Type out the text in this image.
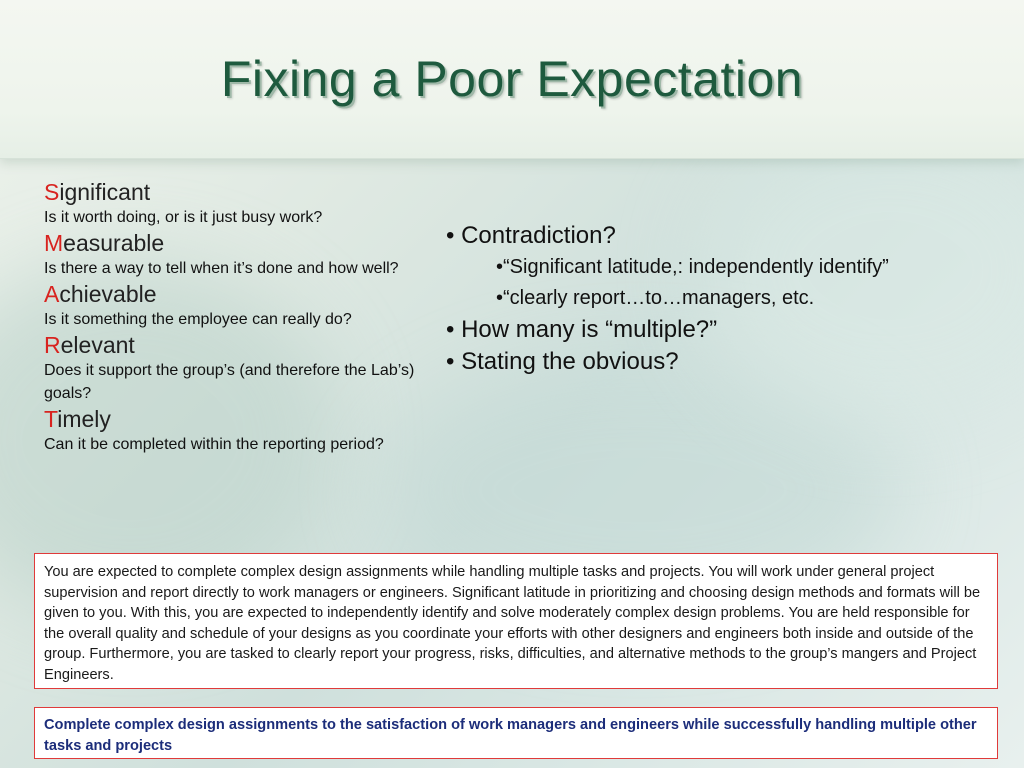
Fixing a Poor Expectation
Significant
Is it worth doing, or is it just busy work?
Measurable
Is there a way to tell when it’s done and how well?
Achievable
Is it something the employee can really do?
Relevant
Does it support the group’s (and therefore the Lab’s) goals?
Timely
Can it be completed within the reporting period?
• Contradiction?
•“Significant latitude,: independently identify”
•“clearly report…to…managers, etc.
• How many is “multiple?”
• Stating the obvious?
You are expected to complete complex design assignments while handling multiple tasks and projects. You will work under general project supervision and report directly to work managers or engineers. Significant latitude in prioritizing and choosing design methods and formats will be given to you. With this, you are expected to independently identify and solve moderately complex design problems. You are held responsible for the overall quality and schedule of your designs as you coordinate your efforts with other designers and engineers both inside and outside of the group. Furthermore, you are tasked to clearly report your progress, risks, difficulties, and alternative methods to the group’s mangers and Project Engineers.
Complete complex design assignments to the satisfaction of work managers and engineers while successfully handling multiple other tasks and projects
